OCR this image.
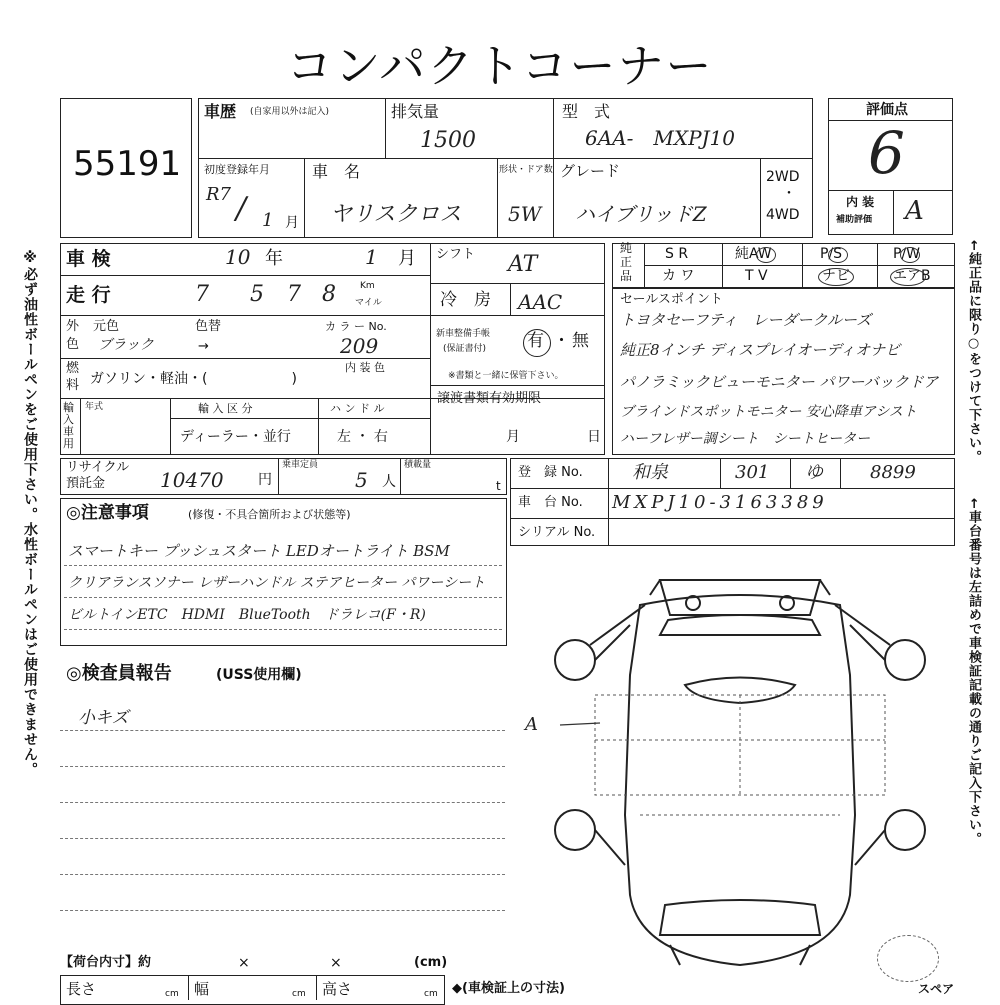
コンパクトコーナー
※必ず油性ボールペンをご使用下さい。水性ボールペンはご使用できません。	←純正品に限り○をつけて下さい。
←車台番号は左詰めで車検証記載の通りご記入下さい。
55191
車歴 (自家用以外は記入)	排気量
1500
型　式
6AA-　MXPJ10
初度登録年月
R7 / 1 月
車　名
ヤリスクロス
形状・ドア数
5W
グレード
ハイブリッドZ
2WD
・
4WD
評価点
6
内 装
補助評価 A
車 検	10 年	1 月
走 行	7 5 7 8	Km
マイル
シフト AT
冷　房 AAC
外
色
元色	色替
ブラック	→
カ ラ ー No.
209
燃
料 ガソリン・軽油・(　　　　　　)
内 装 色
新車整備手帳
(保証書付) 有 ・ 無
※書類と一緒に保管下さい。
輸
入
車
用
年式	輸 入 区 分
ディーラー・並行
ハ ン ド ル
左 ・ 右
譲渡書類有効期限
月	日
純
正
品
S R	純AW	P/S	P/W
カ ワ	T V	ナビ	エアB
セールスポイント
トヨタセーフティ　レーダークルーズ
純正8インチ ディスプレイオーディオナビ
パノラミックビューモニター パワーバックドア
ブラインドスポットモニター 安心降車アシスト
ハーフレザー調シート　シートヒーター
リサイクル
預託金	10470 円
乗車定員
5 人
積載量
t
登　録 No.	和泉	301 ゆ	8899
車　台 No. MXPJ10-3163389
シリアル No.
◎注意事項	(修復・不具合箇所および状態等)
スマートキー プッシュスタート LEDオートライト BSM
クリアランスソナー レザーハンドル ステアヒーター パワーシート
ビルトインETC　HDMI　BlueTooth　ドラレコ(F・R)
◎検査員報告	(USS使用欄)
小キズ	A
スペア
【荷台内寸】約	×	×	(cm)
長さ	cm 幅	cm 高さ	cm ◆(車検証上の寸法)
